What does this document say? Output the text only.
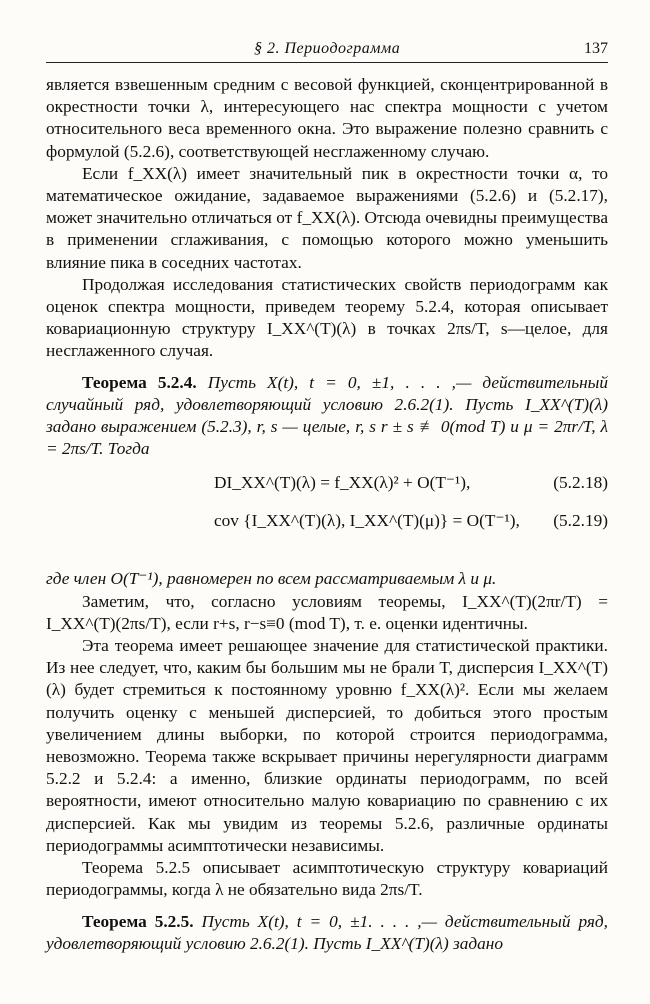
§ 2. Периодограмма	137

является взвешенным средним с весовой функцией, сконцентрированной в окрестности точки λ, интересующего нас спектра мощности с учетом относительного веса временного окна. Это выражение полезно сравнить с формулой (5.2.6), соответствующей несглаженному случаю.

Если f_XX(λ) имеет значительный пик в окрестности точки α, то математическое ожидание, задаваемое выражениями (5.2.6) и (5.2.17), может значительно отличаться от f_XX(λ). Отсюда очевидны преимущества в применении сглаживания, с помощью которого можно уменьшить влияние пика в соседних частотах.

Продолжая исследования статистических свойств периодограмм как оценок спектра мощности, приведем теорему 5.2.4, которая описывает ковариационную структуру I_XX^(T)(λ) в точках 2πs/T, s—целое, для несглаженного случая.

Теорема 5.2.4. Пусть X(t), t = 0, ±1, . . . ,— действительный случайный ряд, удовлетворяющий условию 2.6.2(1). Пусть I_XX^(T)(λ) задано выражением (5.2.3), r, s — целые, r, s r ± s ≢ 0(mod T) и μ = 2πr/T, λ = 2πs/T. Тогда

DI_XX^(T)(λ) = f_XX(λ)² + O(T⁻¹),	(5.2.18)
cov {I_XX^(T)(λ), I_XX^(T)(μ)} = O(T⁻¹), (5.2.19)

где член O(T⁻¹), равномерен по всем рассматриваемым λ и μ.

Заметим, что, согласно условиям теоремы, I_XX^(T)(2πr/T) = I_XX^(T)(2πs/T), если r+s, r−s≡0 (mod T), т. е. оценки идентичны.

Эта теорема имеет решающее значение для статистической практики. Из нее следует, что, каким бы большим мы не брали T, дисперсия I_XX^(T)(λ) будет стремиться к постоянному уровню f_XX(λ)². Если мы желаем получить оценку с меньшей дисперсией, то добиться этого простым увеличением длины выборки, по которой строится периодограмма, невозможно. Теорема также вскрывает причины нерегулярности диаграмм 5.2.2 и 5.2.4: а именно, близкие ординаты периодограмм, по всей вероятности, имеют относительно малую ковариацию по сравнению с их дисперсией. Как мы увидим из теоремы 5.2.6, различные ординаты периодограммы асимптотически независимы.

Теорема 5.2.5 описывает асимптотическую структуру ковариаций периодограммы, когда λ не обязательно вида 2πs/T.

Теорема 5.2.5. Пусть X(t), t = 0, ±1. . . . ,— действительный ряд, удовлетворяющий условию 2.6.2(1). Пусть I_XX^(T)(λ) задано
